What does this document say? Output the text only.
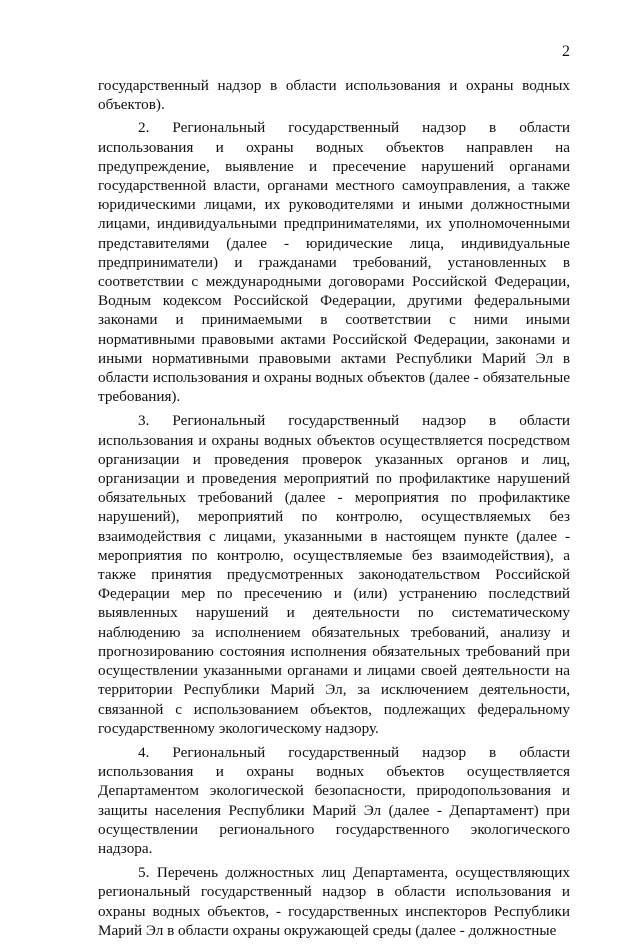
2

государственный надзор в области использования и охраны водных объектов).

2. Региональный государственный надзор в области использования и охраны водных объектов направлен на предупреждение, выявление и пресечение нарушений органами государственной власти, органами местного самоуправления, а также юридическими лицами, их руководителями и иными должностными лицами, индивидуальными предпринимателями, их уполномоченными представителями (далее - юридические лица, индивидуальные предприниматели) и гражданами требований, установленных в соответствии с международными договорами Российской Федерации, Водным кодексом Российской Федерации, другими федеральными законами и принимаемыми в соответствии с ними иными нормативными правовыми актами Российской Федерации, законами и иными нормативными правовыми актами Республики Марий Эл в области использования и охраны водных объектов (далее - обязательные требования).

3. Региональный государственный надзор в области использования и охраны водных объектов осуществляется посредством организации и проведения проверок указанных органов и лиц, организации и проведения мероприятий по профилактике нарушений обязательных требований (далее - мероприятия по профилактике нарушений), мероприятий по контролю, осуществляемых без взаимодействия с лицами, указанными в настоящем пункте (далее - мероприятия по контролю, осуществляемые без взаимодействия), а также принятия предусмотренных законодательством Российской Федерации мер по пресечению и (или) устранению последствий выявленных нарушений и деятельности по систематическому наблюдению за исполнением обязательных требований, анализу и прогнозированию состояния исполнения обязательных требований при осуществлении указанными органами и лицами своей деятельности на территории Республики Марий Эл, за исключением деятельности, связанной с использованием объектов, подлежащих федеральному государственному экологическому надзору.

4. Региональный государственный надзор в области использования и охраны водных объектов осуществляется Департаментом экологической безопасности, природопользования и защиты населения Республики Марий Эл (далее - Департамент) при осуществлении регионального государственного экологического надзора.

5. Перечень должностных лиц Департамента, осуществляющих региональный государственный надзор в области использования и охраны водных объектов, - государственных инспекторов Республики Марий Эл в области охраны окружающей среды (далее - должностные
